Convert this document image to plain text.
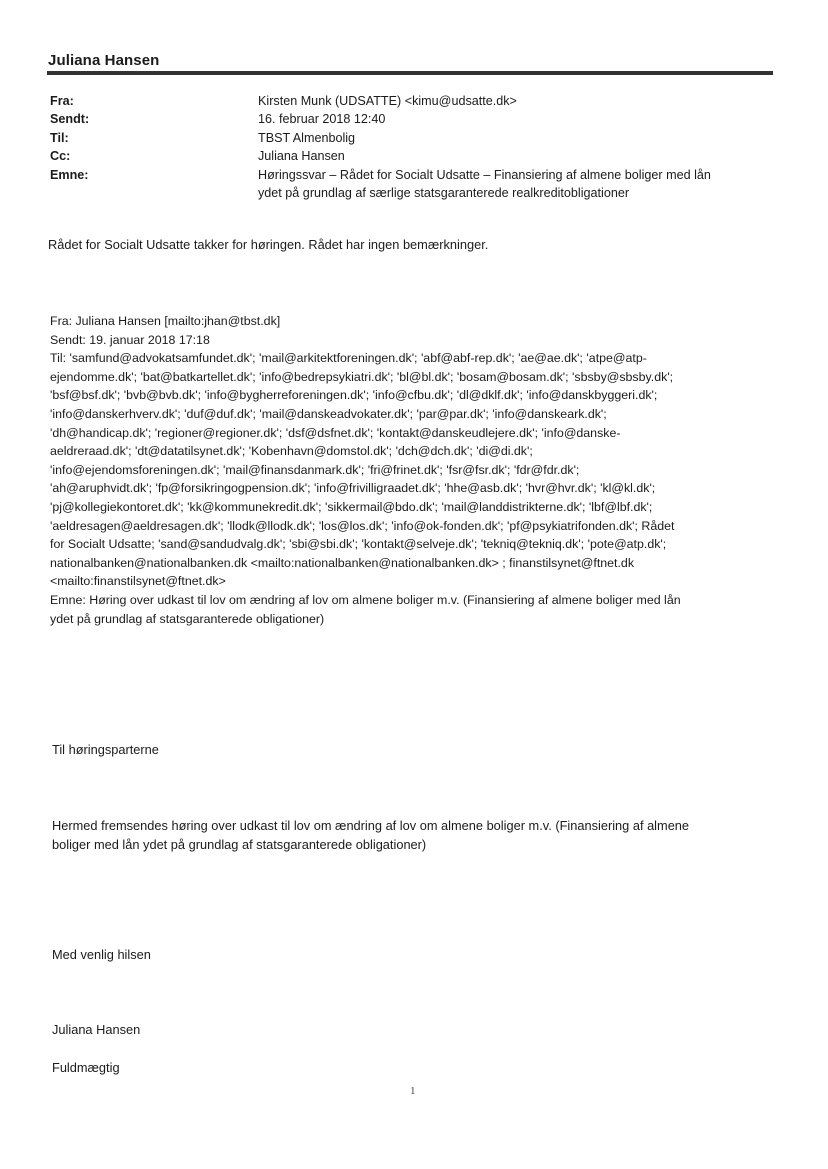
Juliana Hansen
Fra:	Kirsten Munk (UDSATTE) <kimu@udsatte.dk>
Sendt:	16. februar 2018 12:40
Til:	TBST Almenbolig
Cc:	Juliana Hansen
Emne:	Høringssvar – Rådet for Socialt Udsatte – Finansiering af almene boliger med lån
ydet på grundlag af særlige statsgaranterede realkreditobligationer
Rådet for Socialt Udsatte takker for høringen. Rådet har ingen bemærkninger.
Fra: Juliana Hansen [mailto:jhan@tbst.dk]
Sendt: 19. januar 2018 17:18
Til: 'samfund@advokatsamfundet.dk'; 'mail@arkitektforeningen.dk'; 'abf@abf-rep.dk'; 'ae@ae.dk'; 'atpe@atp-
ejendomme.dk'; 'bat@batkartellet.dk'; 'info@bedrepsykiatri.dk'; 'bl@bl.dk'; 'bosam@bosam.dk'; 'sbsby@sbsby.dk';
'bsf@bsf.dk'; 'bvb@bvb.dk'; 'info@bygherreforeningen.dk'; 'info@cfbu.dk'; 'dl@dklf.dk'; 'info@danskbyggeri.dk';
'info@danskerhverv.dk'; 'duf@duf.dk'; 'mail@danskeadvokater.dk'; 'par@par.dk'; 'info@danskeark.dk';
'dh@handicap.dk'; 'regioner@regioner.dk'; 'dsf@dsfnet.dk'; 'kontakt@danskeudlejere.dk'; 'info@danske-
aeldreraad.dk'; 'dt@datatilsynet.dk'; 'Kobenhavn@domstol.dk'; 'dch@dch.dk'; 'di@di.dk';
'info@ejendomsforeningen.dk'; 'mail@finansdanmark.dk'; 'fri@frinet.dk'; 'fsr@fsr.dk'; 'fdr@fdr.dk';
'ah@aruphvidt.dk'; 'fp@forsikringogpension.dk'; 'info@frivilligraadet.dk'; 'hhe@asb.dk'; 'hvr@hvr.dk'; 'kl@kl.dk';
'pj@kollegiekontoret.dk'; 'kk@kommunekredit.dk'; 'sikkermail@bdo.dk'; 'mail@landdistrikterne.dk'; 'lbf@lbf.dk';
'aeldresagen@aeldresagen.dk'; 'llodk@llodk.dk'; 'los@los.dk'; 'info@ok-fonden.dk'; 'pf@psykiatrifonden.dk'; Rådet
for Socialt Udsatte; 'sand@sandudvalg.dk'; 'sbi@sbi.dk'; 'kontakt@selveje.dk'; 'tekniq@tekniq.dk'; 'pote@atp.dk';
nationalbanken@nationalbanken.dk <mailto:nationalbanken@nationalbanken.dk> ; finanstilsynet@ftnet.dk
<mailto:finanstilsynet@ftnet.dk>
Emne: Høring over udkast til lov om ændring af lov om almene boliger m.v. (Finansiering af almene boliger med lån
ydet på grundlag af statsgaranterede obligationer)
Til høringsparterne
Hermed fremsendes høring over udkast til lov om ændring af lov om almene boliger m.v. (Finansiering af almene
boliger med lån ydet på grundlag af statsgaranterede obligationer)
Med venlig hilsen
Juliana Hansen
Fuldmægtig
1
